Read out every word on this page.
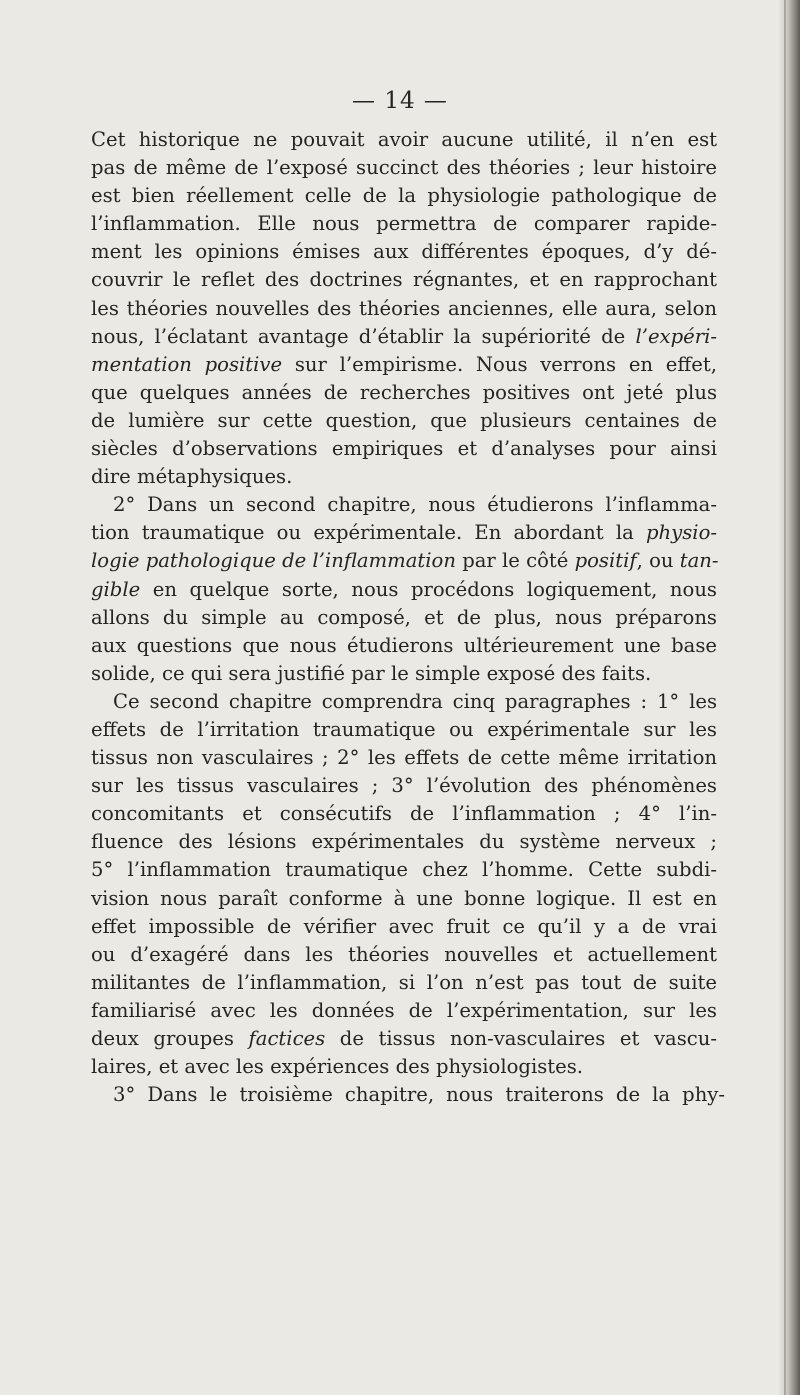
— 14 —
Cet historique ne pouvait avoir aucune utilité, il n’en est
pas de même de l’exposé succinct des théories ; leur histoire
est bien réellement celle de la physiologie pathologique de
l’inflammation. Elle nous permettra de comparer rapide-
ment les opinions émises aux différentes époques, d’y dé-
couvrir le reflet des doctrines régnantes, et en rapprochant
les théories nouvelles des théories anciennes, elle aura, selon
nous, l’éclatant avantage d’établir la supériorité de l’expéri-
mentation positive sur l’empirisme. Nous verrons en effet,
que quelques années de recherches positives ont jeté plus
de lumière sur cette question, que plusieurs centaines de
siècles d’observations empiriques et d’analyses pour ainsi
dire métaphysiques.
2° Dans un second chapitre, nous étudierons l’inflamma-
tion traumatique ou expérimentale. En abordant la physio-
logie pathologique de l’inflammation par le côté positif, ou tan-
gible en quelque sorte, nous procédons logiquement, nous
allons du simple au composé, et de plus, nous préparons
aux questions que nous étudierons ultérieurement une base
solide, ce qui sera justifié par le simple exposé des faits.
Ce second chapitre comprendra cinq paragraphes : 1° les
effets de l’irritation traumatique ou expérimentale sur les
tissus non vasculaires ; 2° les effets de cette même irritation
sur les tissus vasculaires ; 3° l’évolution des phénomènes
concomitants et consécutifs de l’inflammation ; 4° l’in-
fluence des lésions expérimentales du système nerveux ;
5° l’inflammation traumatique chez l’homme. Cette subdi-
vision nous paraît conforme à une bonne logique. Il est en
effet impossible de vérifier avec fruit ce qu’il y a de vrai
ou d’exagéré dans les théories nouvelles et actuellement
militantes de l’inflammation, si l’on n’est pas tout de suite
familiarisé avec les données de l’expérimentation, sur les
deux groupes factices de tissus non-vasculaires et vascu-
laires, et avec les expériences des physiologistes.
3° Dans le troisième chapitre, nous traiterons de la phy-
